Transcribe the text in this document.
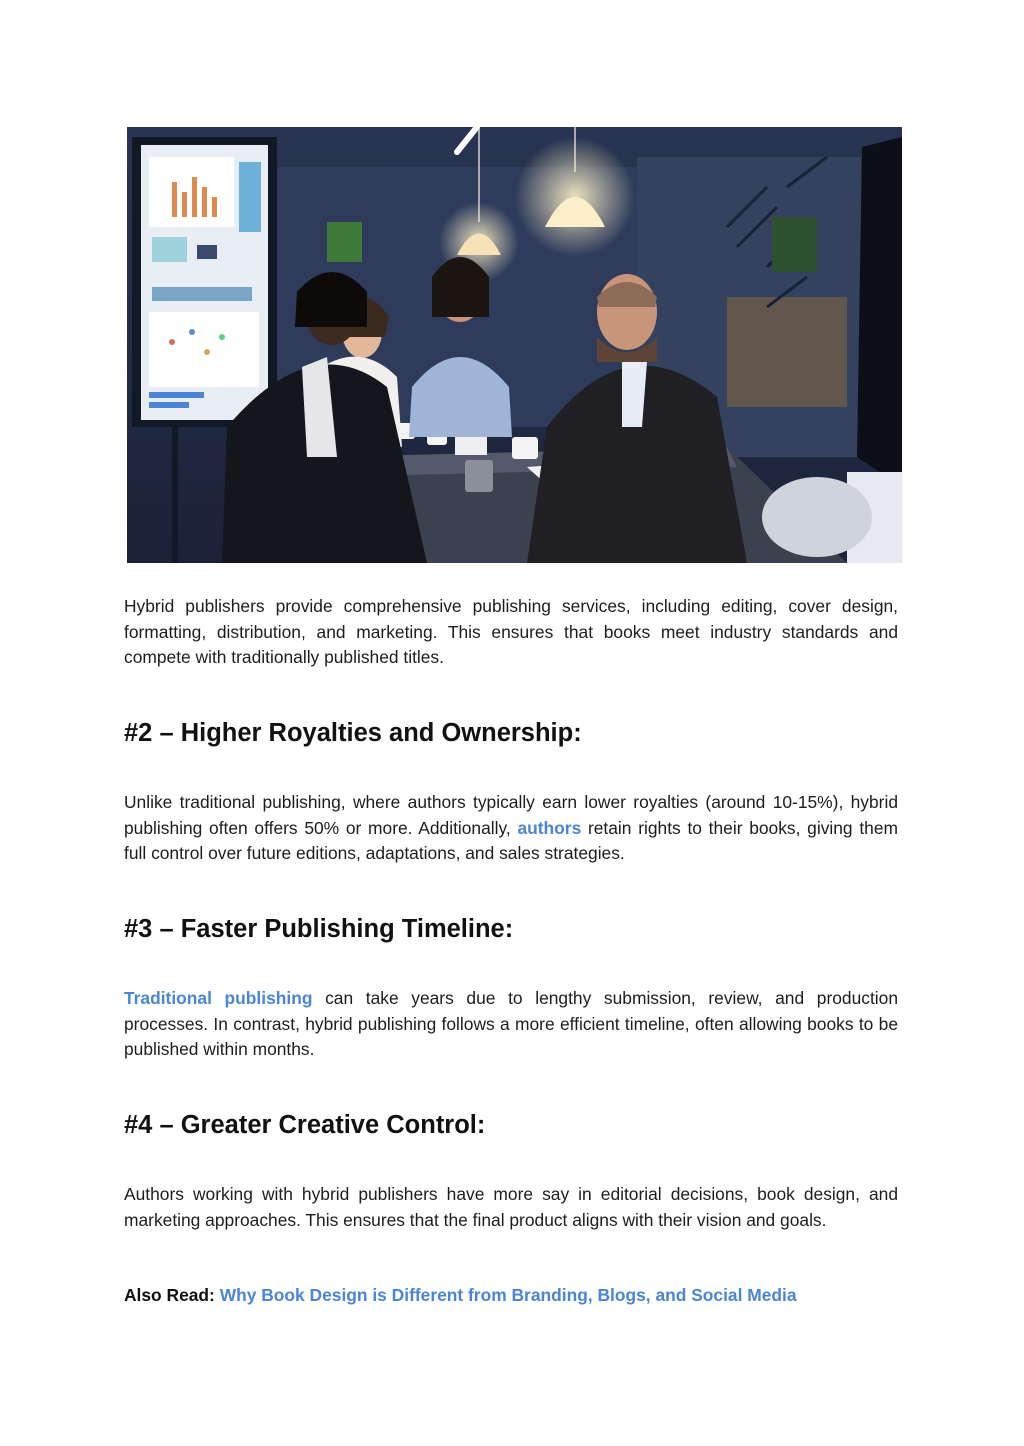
Hybrid publishers provide comprehensive publishing services, including editing, cover design, formatting, distribution, and marketing. This ensures that books meet industry standards and compete with traditionally published titles.

#2 – Higher Royalties and Ownership:

Unlike traditional publishing, where authors typically earn lower royalties (around 10-15%), hybrid publishing often offers 50% or more. Additionally, authors retain rights to their books, giving them full control over future editions, adaptations, and sales strategies.

#3 – Faster Publishing Timeline:

Traditional publishing can take years due to lengthy submission, review, and production processes. In contrast, hybrid publishing follows a more efficient timeline, often allowing books to be published within months.

#4 – Greater Creative Control:

Authors working with hybrid publishers have more say in editorial decisions, book design, and marketing approaches. This ensures that the final product aligns with their vision and goals.

Also Read: Why Book Design is Different from Branding, Blogs, and Social Media
